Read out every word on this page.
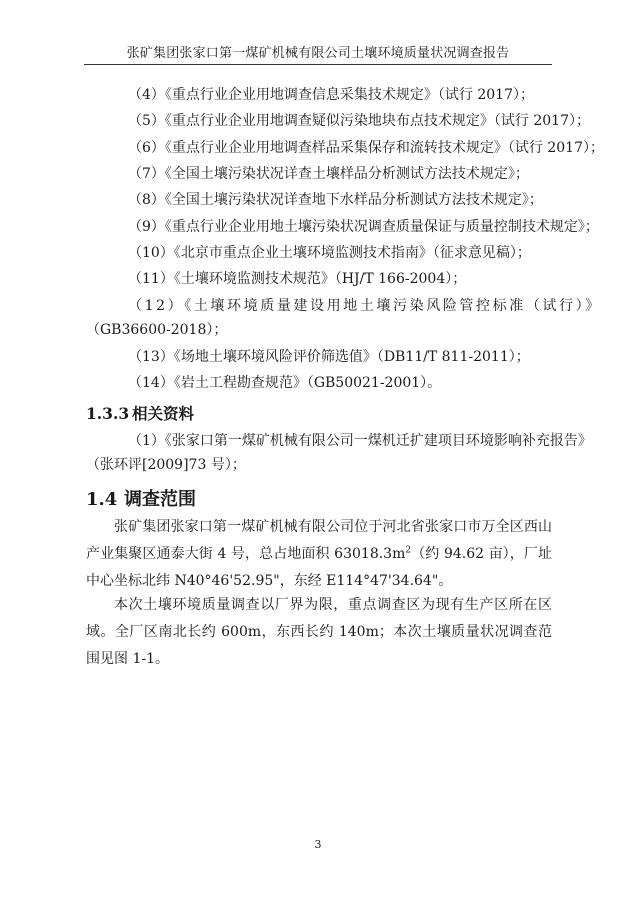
张矿集团张家口第一煤矿机械有限公司土壤环境质量状况调查报告
（4）《重点行业企业用地调查信息采集技术规定》（试行 2017）；
（5）《重点行业企业用地调查疑似污染地块布点技术规定》（试行 2017）；
（6）《重点行业企业用地调查样品采集保存和流转技术规定》（试行 2017）；
（7）《全国土壤污染状况详查土壤样品分析测试方法技术规定》；
（8）《全国土壤污染状况详查地下水样品分析测试方法技术规定》；
（9）《重点行业企业用地土壤污染状况调查质量保证与质量控制技术规定》；
（10）《北京市重点企业土壤环境监测技术指南》（征求意见稿）；
（11）《土壤环境监测技术规范》（HJ/T 166-2004）；
（12）《土壤环境质量建设用地土壤污染风险管控标准（试行）》
（GB36600-2018）；
（13）《场地土壤环境风险评价筛选值》（DB11/T 811-2011）；
（14）《岩土工程勘查规范》（GB50021-2001）。
1.3.3 相关资料
（1）《张家口第一煤矿机械有限公司一煤机迁扩建项目环境影响补充报告》
（张环评[2009]73 号）；
1.4 调查范围
张矿集团张家口第一煤矿机械有限公司位于河北省张家口市万全区西山产业集聚区通泰大街 4 号，总占地面积 $63018.3m^2$（约 94.62 亩），厂址中心坐标北纬 N40°46'52.95"，东经 E114°47'34.64"。
本次土壤环境质量调查以厂界为限，重点调查区为现有生产区所在区域。全厂区南北长约 600m，东西长约 140m；本次土壤质量状况调查范围见图 1-1。
3
